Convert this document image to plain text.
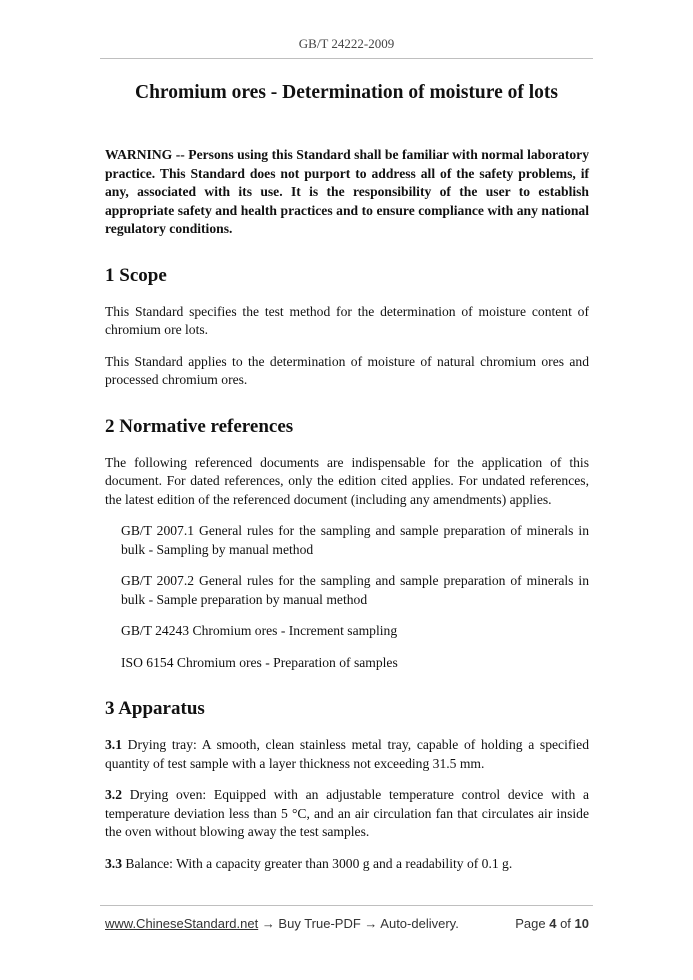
GB/T 24222-2009
Chromium ores - Determination of moisture of lots

WARNING -- Persons using this Standard shall be familiar with normal laboratory practice. This Standard does not purport to address all of the safety problems, if any, associated with its use. It is the responsibility of the user to establish appropriate safety and health practices and to ensure compliance with any national regulatory conditions.

1 Scope

This Standard specifies the test method for the determination of moisture content of chromium ore lots.

This Standard applies to the determination of moisture of natural chromium ores and processed chromium ores.

2 Normative references

The following referenced documents are indispensable for the application of this document. For dated references, only the edition cited applies. For undated references, the latest edition of the referenced document (including any amendments) applies.

GB/T 2007.1 General rules for the sampling and sample preparation of minerals in bulk - Sampling by manual method

GB/T 2007.2 General rules for the sampling and sample preparation of minerals in bulk - Sample preparation by manual method

GB/T 24243 Chromium ores - Increment sampling

ISO 6154 Chromium ores - Preparation of samples

3 Apparatus

3.1 Drying tray: A smooth, clean stainless metal tray, capable of holding a specified quantity of test sample with a layer thickness not exceeding 31.5 mm.

3.2 Drying oven: Equipped with an adjustable temperature control device with a temperature deviation less than 5 °C, and an air circulation fan that circulates air inside the oven without blowing away the test samples.

3.3 Balance: With a capacity greater than 3000 g and a readability of 0.1 g.

www.ChineseStandard.net → Buy True-PDF → Auto-delivery.	Page 4 of 10
